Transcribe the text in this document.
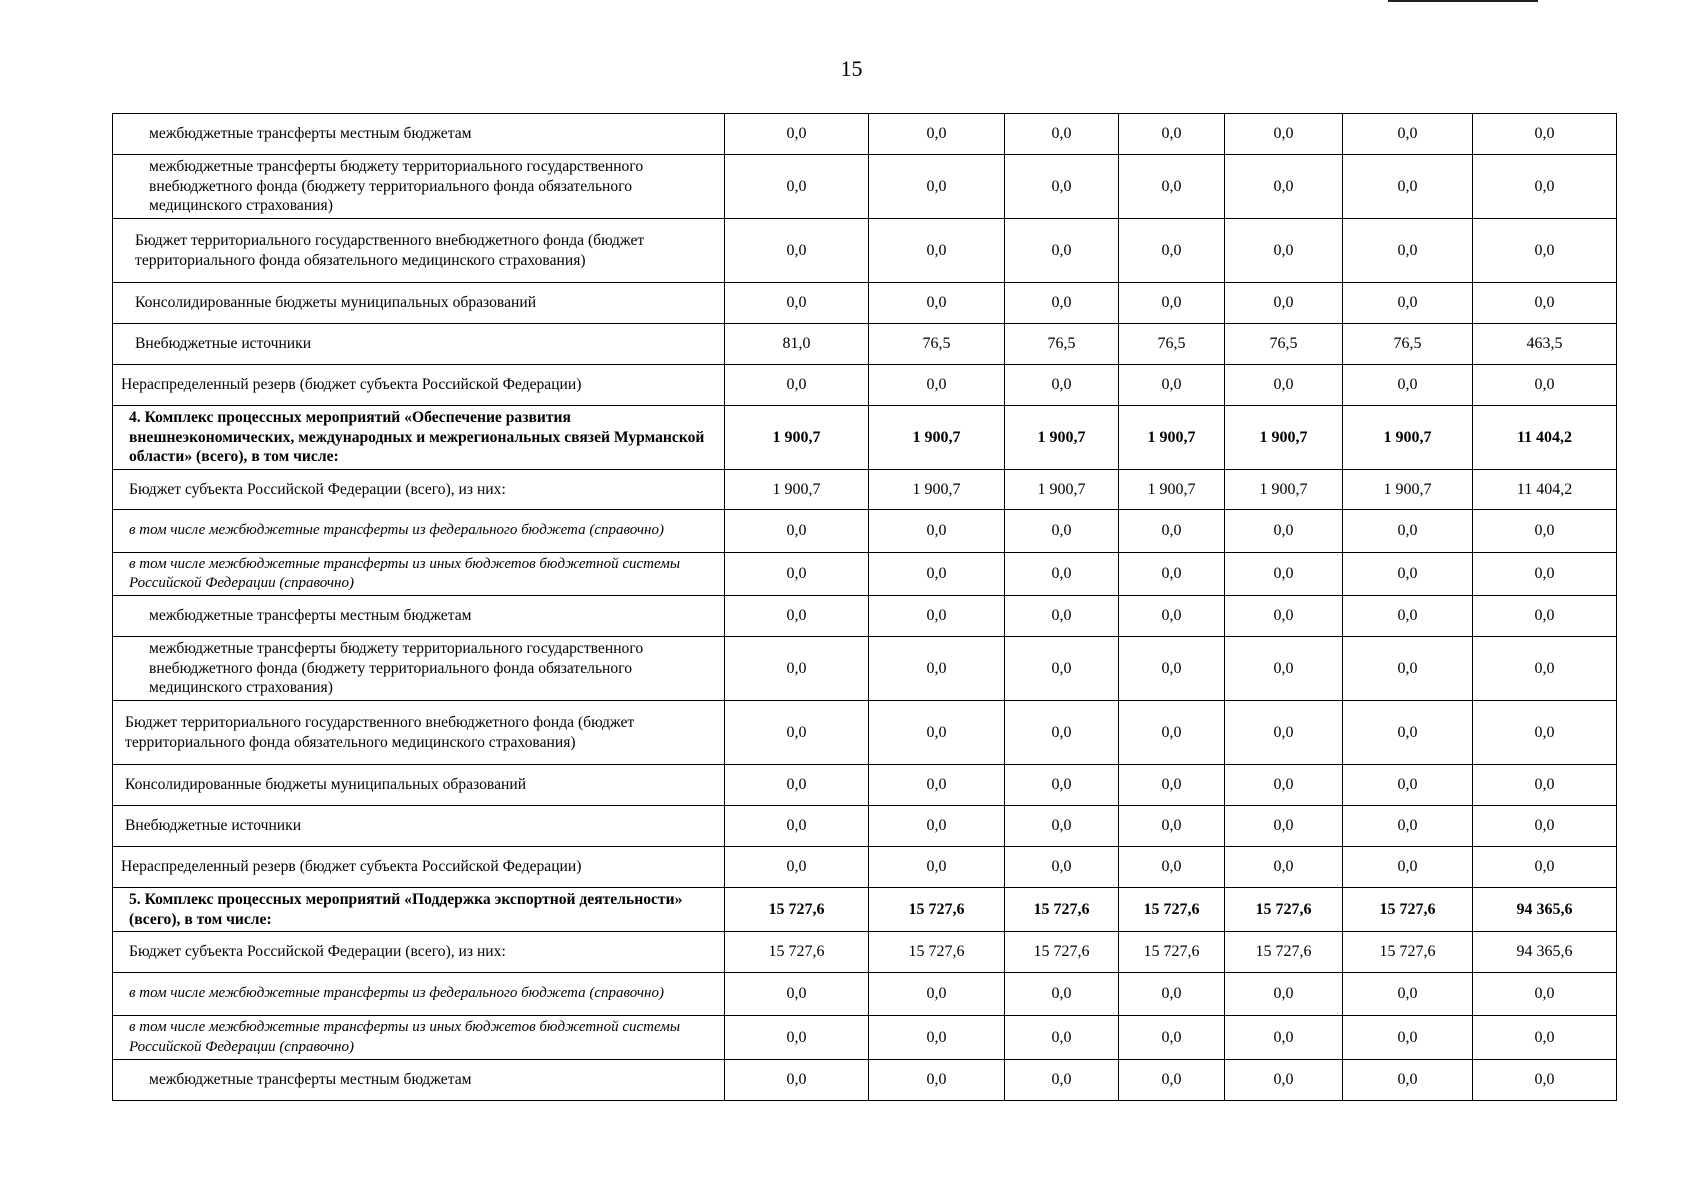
15
межбюджетные трансферты местным бюджетам	0,0	0,0	0,0	0,0	0,0	0,0	0,0
межбюджетные трансферты бюджету территориального государственного внебюджетного фонда (бюджету территориального фонда обязательного медицинского страхования)	0,0	0,0	0,0	0,0	0,0	0,0	0,0
Бюджет территориального государственного внебюджетного фонда (бюджет территориального фонда обязательного медицинского страхования)	0,0	0,0	0,0	0,0	0,0	0,0	0,0
Консолидированные бюджеты муниципальных образований	0,0	0,0	0,0	0,0	0,0	0,0	0,0
Внебюджетные источники	81,0	76,5	76,5	76,5	76,5	76,5	463,5
Нераспределенный резерв (бюджет субъекта Российской Федерации)	0,0	0,0	0,0	0,0	0,0	0,0	0,0
4. Комплекс процессных мероприятий «Обеспечение развития внешнеэкономических, международных и межрегиональных связей Мурманской области» (всего), в том числе:	1 900,7	1 900,7	1 900,7	1 900,7	1 900,7	1 900,7	11 404,2
Бюджет субъекта Российской Федерации (всего), из них:	1 900,7	1 900,7	1 900,7	1 900,7	1 900,7	1 900,7	11 404,2
в том числе межбюджетные трансферты из федерального бюджета (справочно)	0,0	0,0	0,0	0,0	0,0	0,0	0,0
в том числе межбюджетные трансферты из иных бюджетов бюджетной системы Российской Федерации (справочно)	0,0	0,0	0,0	0,0	0,0	0,0	0,0
межбюджетные трансферты местным бюджетам	0,0	0,0	0,0	0,0	0,0	0,0	0,0
межбюджетные трансферты бюджету территориального государственного внебюджетного фонда (бюджету территориального фонда обязательного медицинского страхования)	0,0	0,0	0,0	0,0	0,0	0,0	0,0
Бюджет территориального государственного внебюджетного фонда (бюджет территориального фонда обязательного медицинского страхования)	0,0	0,0	0,0	0,0	0,0	0,0	0,0
Консолидированные бюджеты муниципальных образований	0,0	0,0	0,0	0,0	0,0	0,0	0,0
Внебюджетные источники	0,0	0,0	0,0	0,0	0,0	0,0	0,0
Нераспределенный резерв (бюджет субъекта Российской Федерации)	0,0	0,0	0,0	0,0	0,0	0,0	0,0
5. Комплекс процессных мероприятий «Поддержка экспортной деятельности» (всего), в том числе:	15 727,6	15 727,6	15 727,6	15 727,6	15 727,6	15 727,6	94 365,6
Бюджет субъекта Российской Федерации (всего), из них:	15 727,6	15 727,6	15 727,6	15 727,6	15 727,6	15 727,6	94 365,6
в том числе межбюджетные трансферты из федерального бюджета (справочно)	0,0	0,0	0,0	0,0	0,0	0,0	0,0
в том числе межбюджетные трансферты из иных бюджетов бюджетной системы Российской Федерации (справочно)	0,0	0,0	0,0	0,0	0,0	0,0	0,0
межбюджетные трансферты местным бюджетам	0,0	0,0	0,0	0,0	0,0	0,0	0,0
